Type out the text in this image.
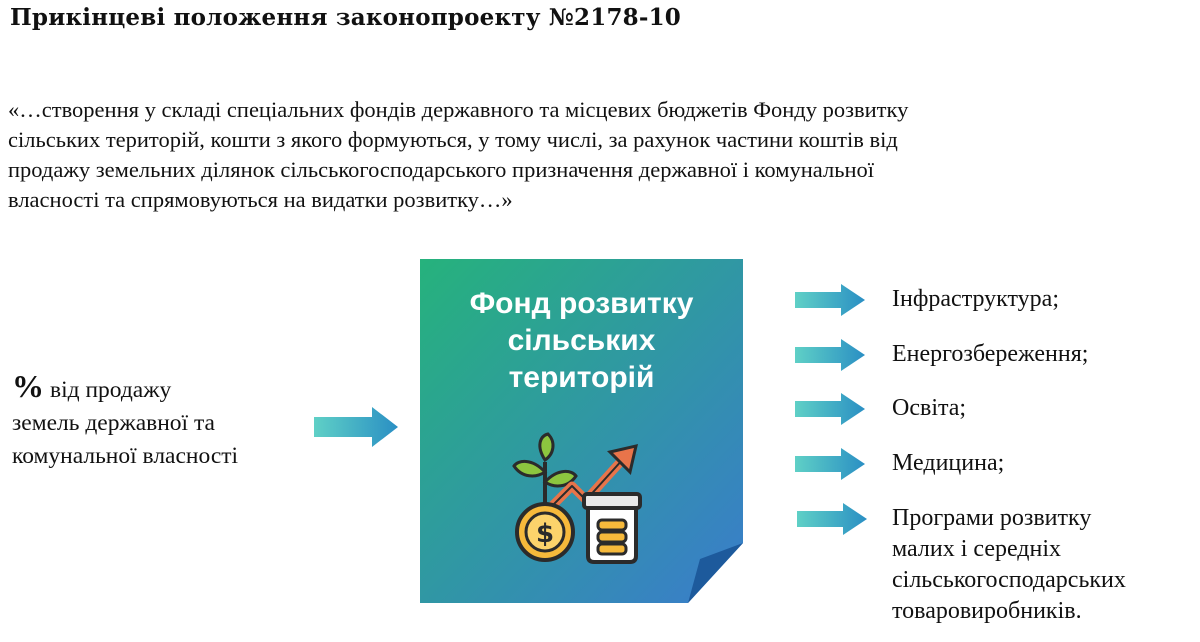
Прикінцеві положення законопроекту №2178-10
«…створення у складі спеціальних фондів державного та місцевих бюджетів Фонду розвитку
сільських територій, кошти з якого формуються, у тому числі, за рахунок частини коштів від
продажу земельних ділянок сільськогосподарського призначення державної і комунальної
власності та спрямовуються на видатки розвитку…»
% від продажу
земель державної та
комунальної власності
Фонд розвитку
сільських
територій
$
Інфраструктура;
Енергозбереження;
Освіта;
Медицина;
Програми розвитку
малих і середніх
сільськогосподарських
товаровиробників.
